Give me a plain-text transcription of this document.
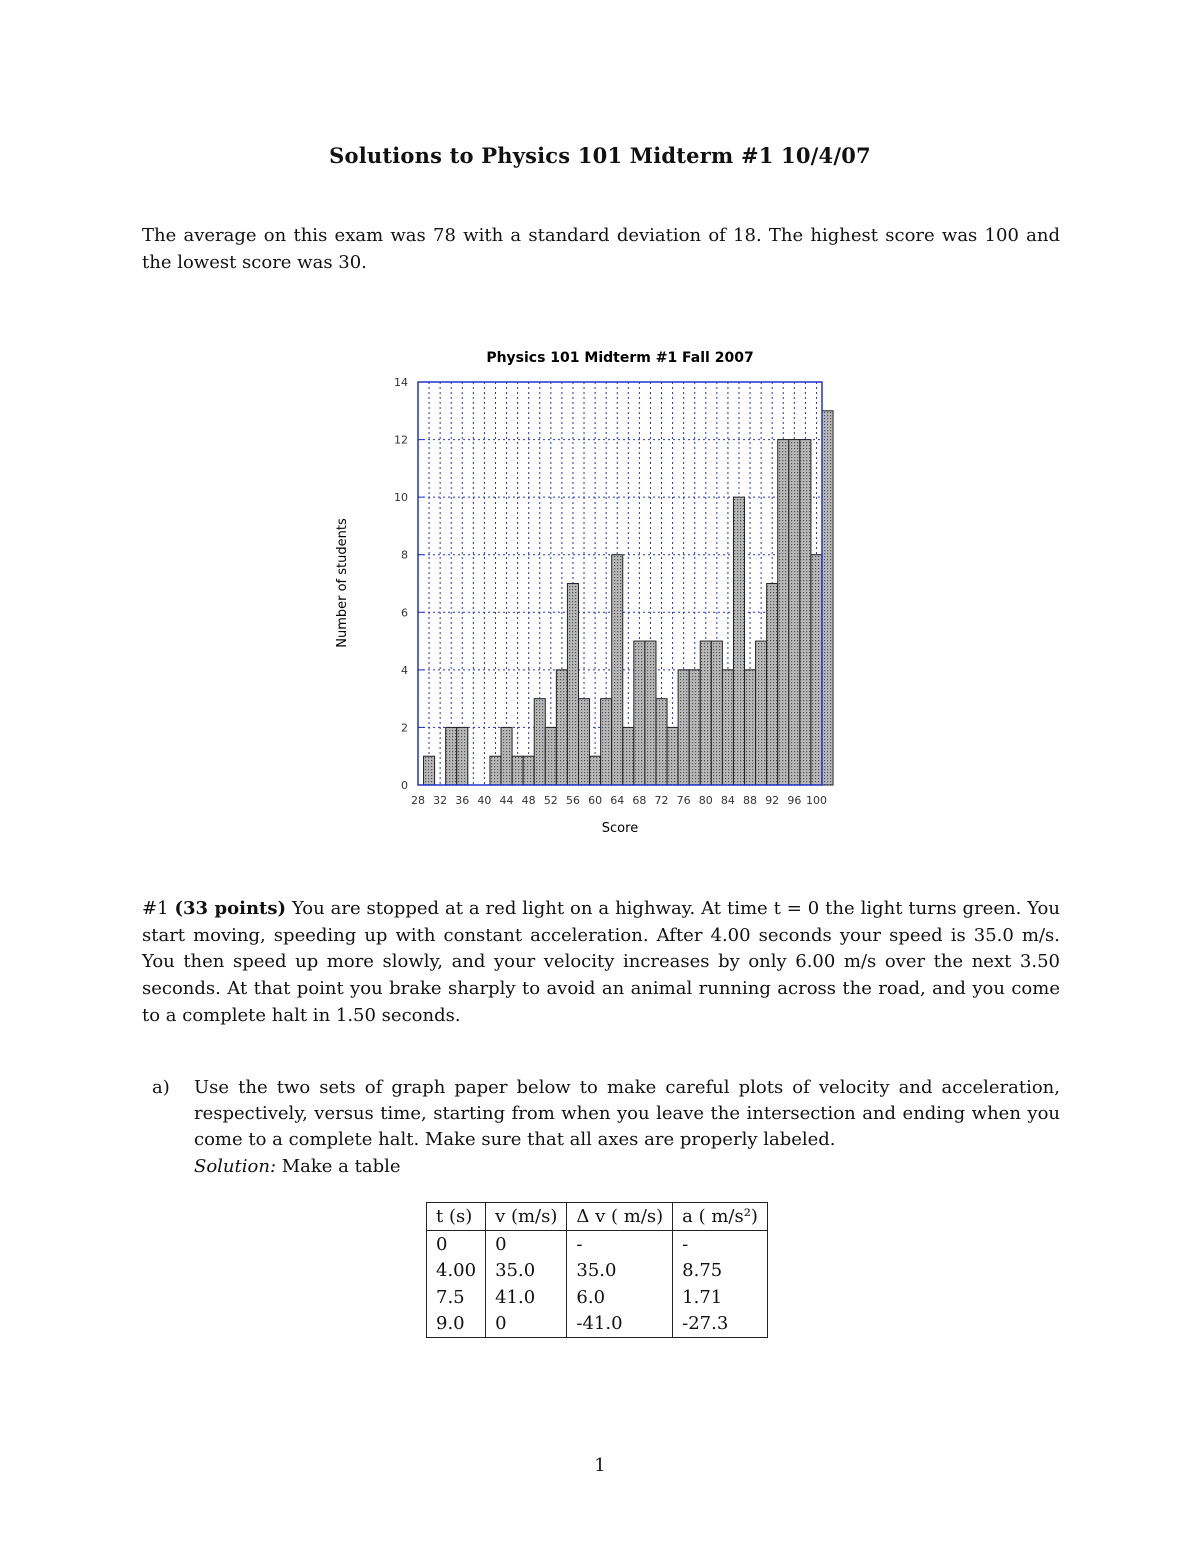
Solutions to Physics 101 Midterm #1 10/4/07
The average on this exam was 78 with a standard deviation of 18. The highest score was 100 and the lowest score was 30.
Physics 101 Midterm #1 Fall 2007
0
2
4
6
8
10
12
14
28 32 36 40 44 48 52 56 60 64 68 72 76 80 84 88 92 96 100
Score
Number of students
#1 (33 points) You are stopped at a red light on a highway. At time t = 0 the light turns green. You start moving, speeding up with constant acceleration. After 4.00 seconds your speed is 35.0 m/s. You then speed up more slowly, and your velocity increases by only 6.00 m/s over the next 3.50 seconds. At that point you brake sharply to avoid an animal running across the road, and you come to a complete halt in 1.50 seconds.
a) Use the two sets of graph paper below to make careful plots of velocity and acceleration, respectively, versus time, starting from when you leave the intersection and ending when you come to a complete halt. Make sure that all axes are properly labeled.
Solution: Make a table
t (s)	v (m/s)	Δ v ( m/s)	a ( m/s²)
0	0	-	-
4.00	35.0	35.0	8.75
7.5	41.0	6.0	1.71
9.0	0	-41.0	-27.3
1
